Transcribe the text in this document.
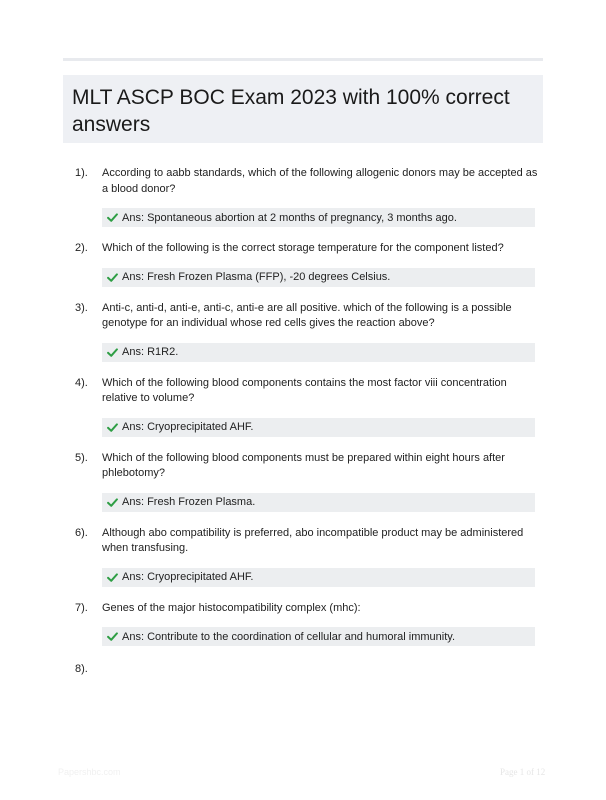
MLT ASCP BOC Exam 2023 with 100% correct answers
1). According to aabb standards, which of the following allogenic donors may be accepted as a blood donor?
Ans: Spontaneous abortion at 2 months of pregnancy, 3 months ago.
2). Which of the following is the correct storage temperature for the component listed?
Ans: Fresh Frozen Plasma (FFP), -20 degrees Celsius.
3). Anti-c, anti-d, anti-e, anti-c, anti-e are all positive. which of the following is a possible genotype for an individual whose red cells gives the reaction above?
Ans: R1R2.
4). Which of the following blood components contains the most factor viii concentration relative to volume?
Ans: Cryoprecipitated AHF.
5). Which of the following blood components must be prepared within eight hours after phlebotomy?
Ans: Fresh Frozen Plasma.
6). Although abo compatibility is preferred, abo incompatible product may be administered when transfusing.
Ans: Cryoprecipitated AHF.
7). Genes of the major histocompatibility complex (mhc):
Ans: Contribute to the coordination of cellular and humoral immunity.
8).
Papershbc.com	Page 1 of 12
